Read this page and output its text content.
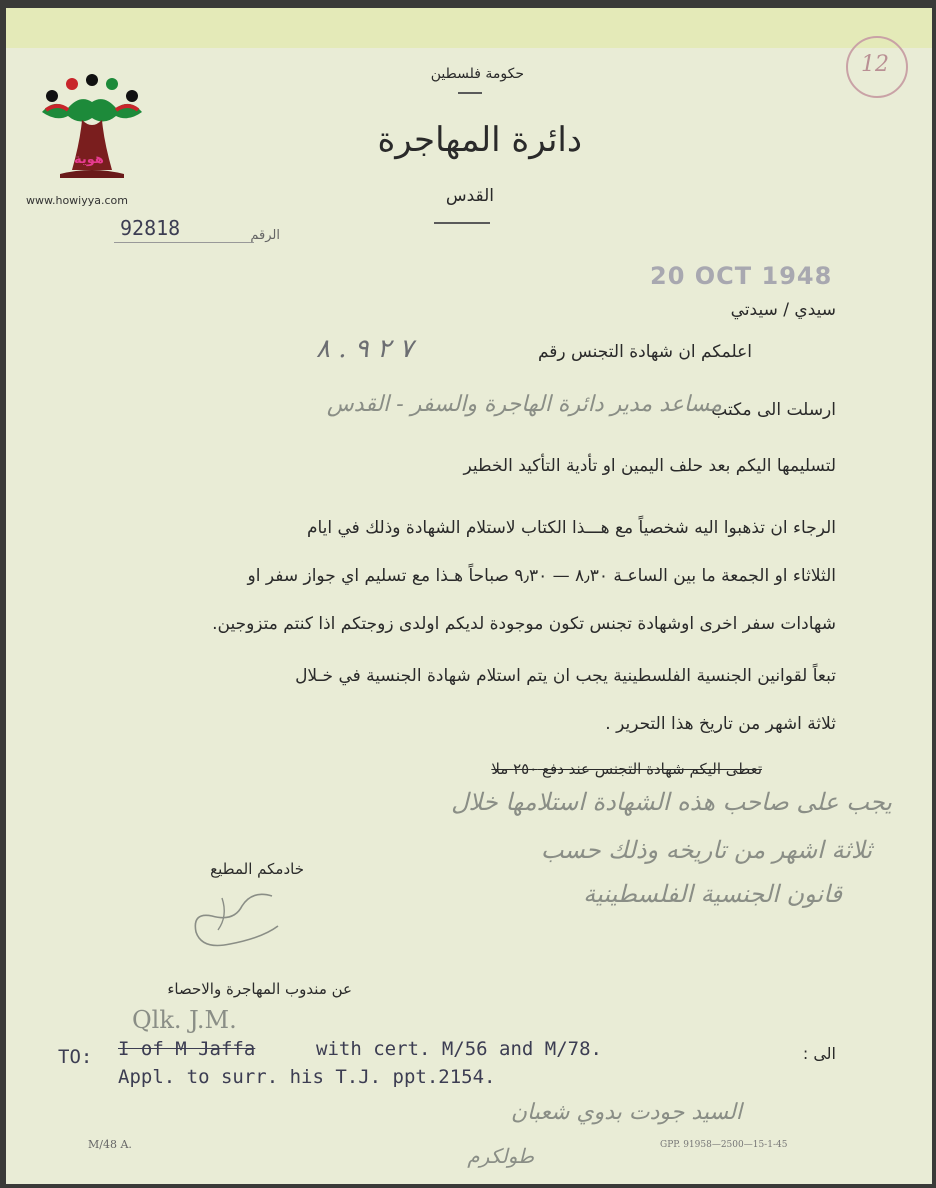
هوية
www.howiyya.com
12
حكومة فلسطين
دائرة المهاجرة
القدس
92818	الرقم
20 OCT 1948
سيدي / سيدتي
اعلمكم ان شهادة التجنس رقم
٧ ٢ ٩ . ٨
ارسلت الى مكتب
مساعد مدير دائرة الهاجرة والسفر - القدس
لتسليمها اليكم بعد حلف اليمين او تأدية التأكيد الخطير
الرجاء ان تذهبوا اليه شخصياً مع هـــذا الكتاب لاستلام الشهادة وذلك في ايام
الثلاثاء او الجمعة ما بين الساعـة ٨٫٣٠ — ٩٫٣٠ صباحاً هـذا مع تسليم اي جواز سفر او
شهادات سفر اخرى اوشهادة تجنس تكون موجودة لديكم اولدى زوجتكم اذا كنتم متزوجين.
تبعاً لقوانين الجنسية الفلسطينية يجب ان يتم استلام شهادة الجنسية في خـلال
ثلاثة اشهر من تاريخ هذا التحرير .
تعطى اليكم شهادة التجنس عند دفع ٢٥٠ ملا
يجب على صاحب هذه الشهادة استلامها خلال
ثلاثة اشهر من تاريخه وذلك حسب
قانون الجنسية الفلسطينية
خادمكم المطيع
عن مندوب المهاجرة والاحصاء
Qlk. J.M.
TO: I of M Jaffa	with cert. M/56 and M/78.
Appl. to surr. his T.J. ppt.2154.
الى :
السيد جودت بدوي شعبان
طولكرم
M/48 A.	GPP. 91958—2500—15-1-45
